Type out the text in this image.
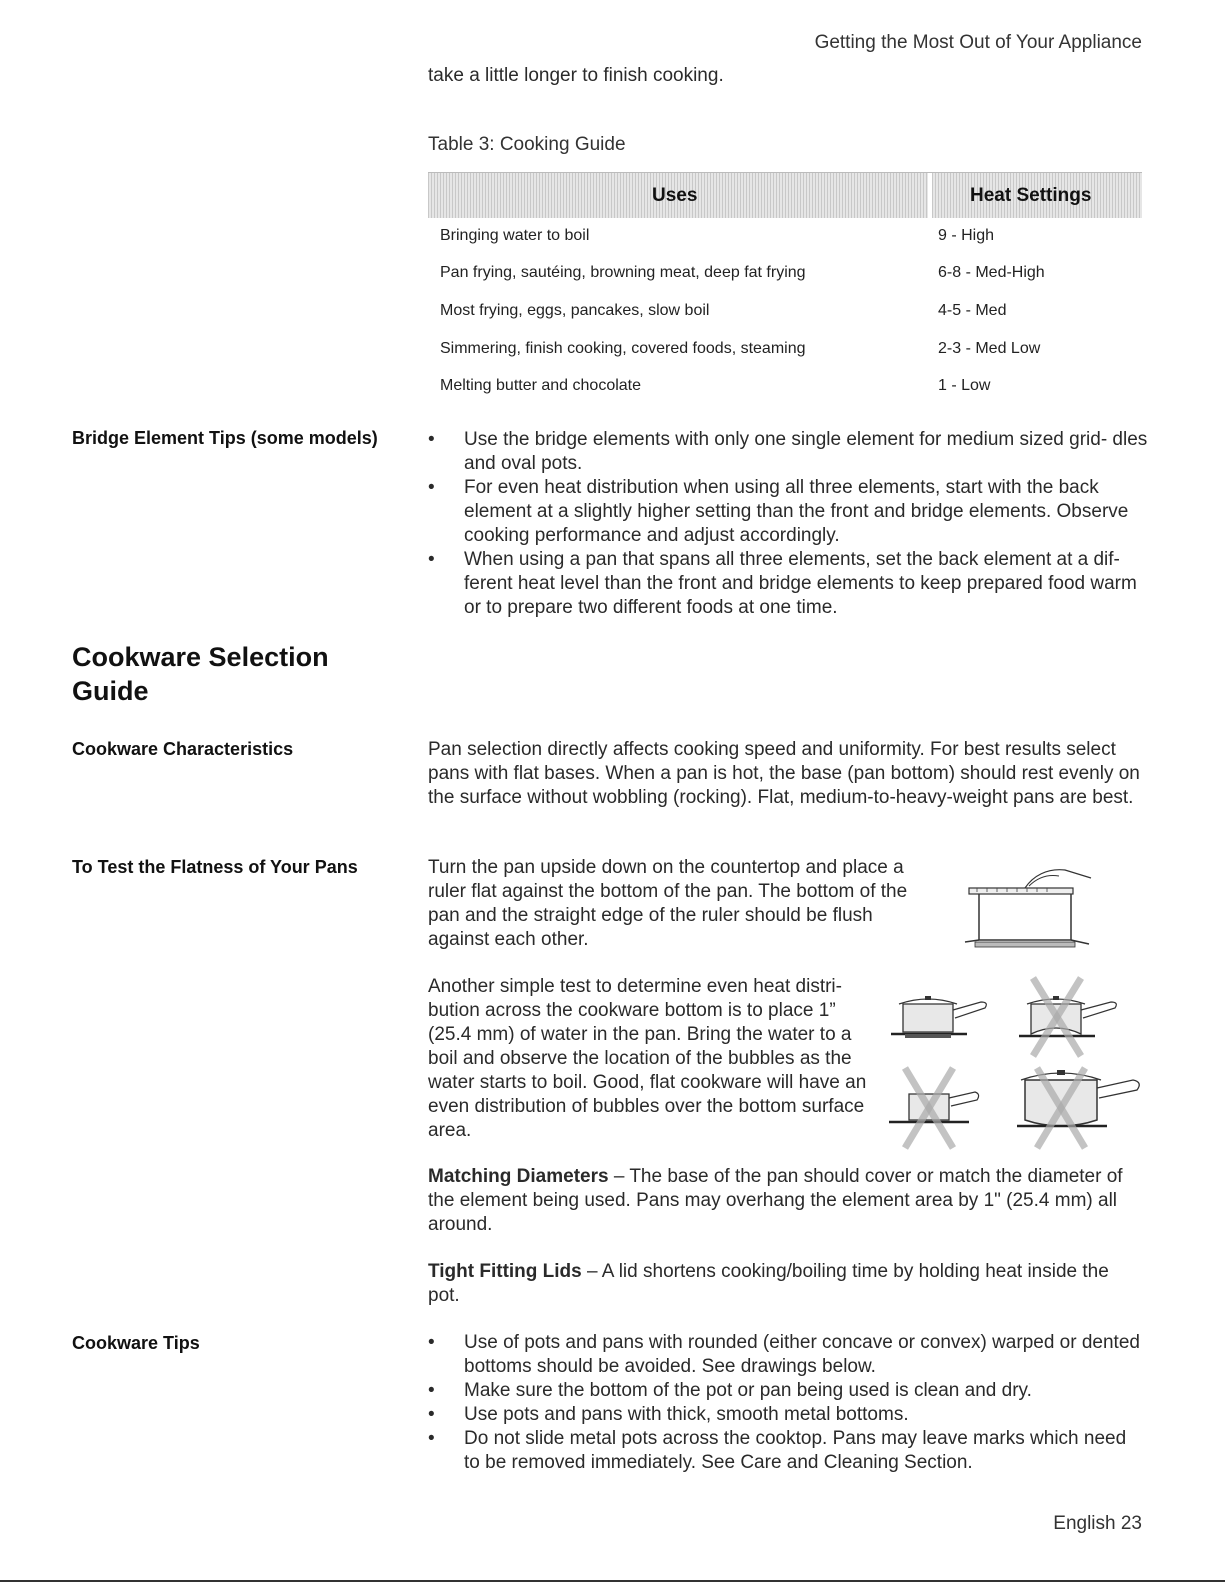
Getting the Most Out of Your Appliance
take a little longer to finish cooking.
Table 3: Cooking Guide
Uses	Heat Settings
Bringing water to boil	9 - High
Pan frying, sautéing, browning meat, deep fat frying	6-8 - Med-High
Most frying, eggs, pancakes, slow boil	4-5 - Med
Simmering, finish cooking, covered foods, steaming	2-3 - Med Low
Melting butter and chocolate	1 - Low
Bridge Element Tips (some models)	• Use the bridge elements with only one single element for medium sized grid- dles and oval pots.
• For even heat distribution when using all three elements, start with the back element at a slightly higher setting than the front and bridge elements. Observe cooking performance and adjust accordingly.
• When using a pan that spans all three elements, set the back element at a dif- ferent heat level than the front and bridge elements to keep prepared food warm or to prepare two different foods at one time.
Cookware Selection Guide
Cookware Characteristics	Pan selection directly affects cooking speed and uniformity. For best results select pans with flat bases. When a pan is hot, the base (pan bottom) should rest evenly on the surface without wobbling (rocking). Flat, medium-to-heavy-weight pans are best.
To Test the Flatness of Your Pans	Turn the pan upside down on the countertop and place a ruler flat against the bottom of the pan. The bottom of the pan and the straight edge of the ruler should be flush against each other.
Another simple test to determine even heat distri- bution across the cookware bottom is to place 1” (25.4 mm) of water in the pan. Bring the water to a boil and observe the location of the bubbles as the water starts to boil. Good, flat cookware will have an even distribution of bubbles over the bottom surface area.
Matching Diameters – The base of the pan should cover or match the diameter of the element being used. Pans may overhang the element area by 1" (25.4 mm) all around.
Tight Fitting Lids – A lid shortens cooking/boiling time by holding heat inside the pot.
Cookware Tips	• Use of pots and pans with rounded (either concave or convex) warped or dented bottoms should be avoided. See drawings below.
• Make sure the bottom of the pot or pan being used is clean and dry.
• Use pots and pans with thick, smooth metal bottoms.
• Do not slide metal pots across the cooktop. Pans may leave marks which need to be removed immediately. See Care and Cleaning Section.
English 23
